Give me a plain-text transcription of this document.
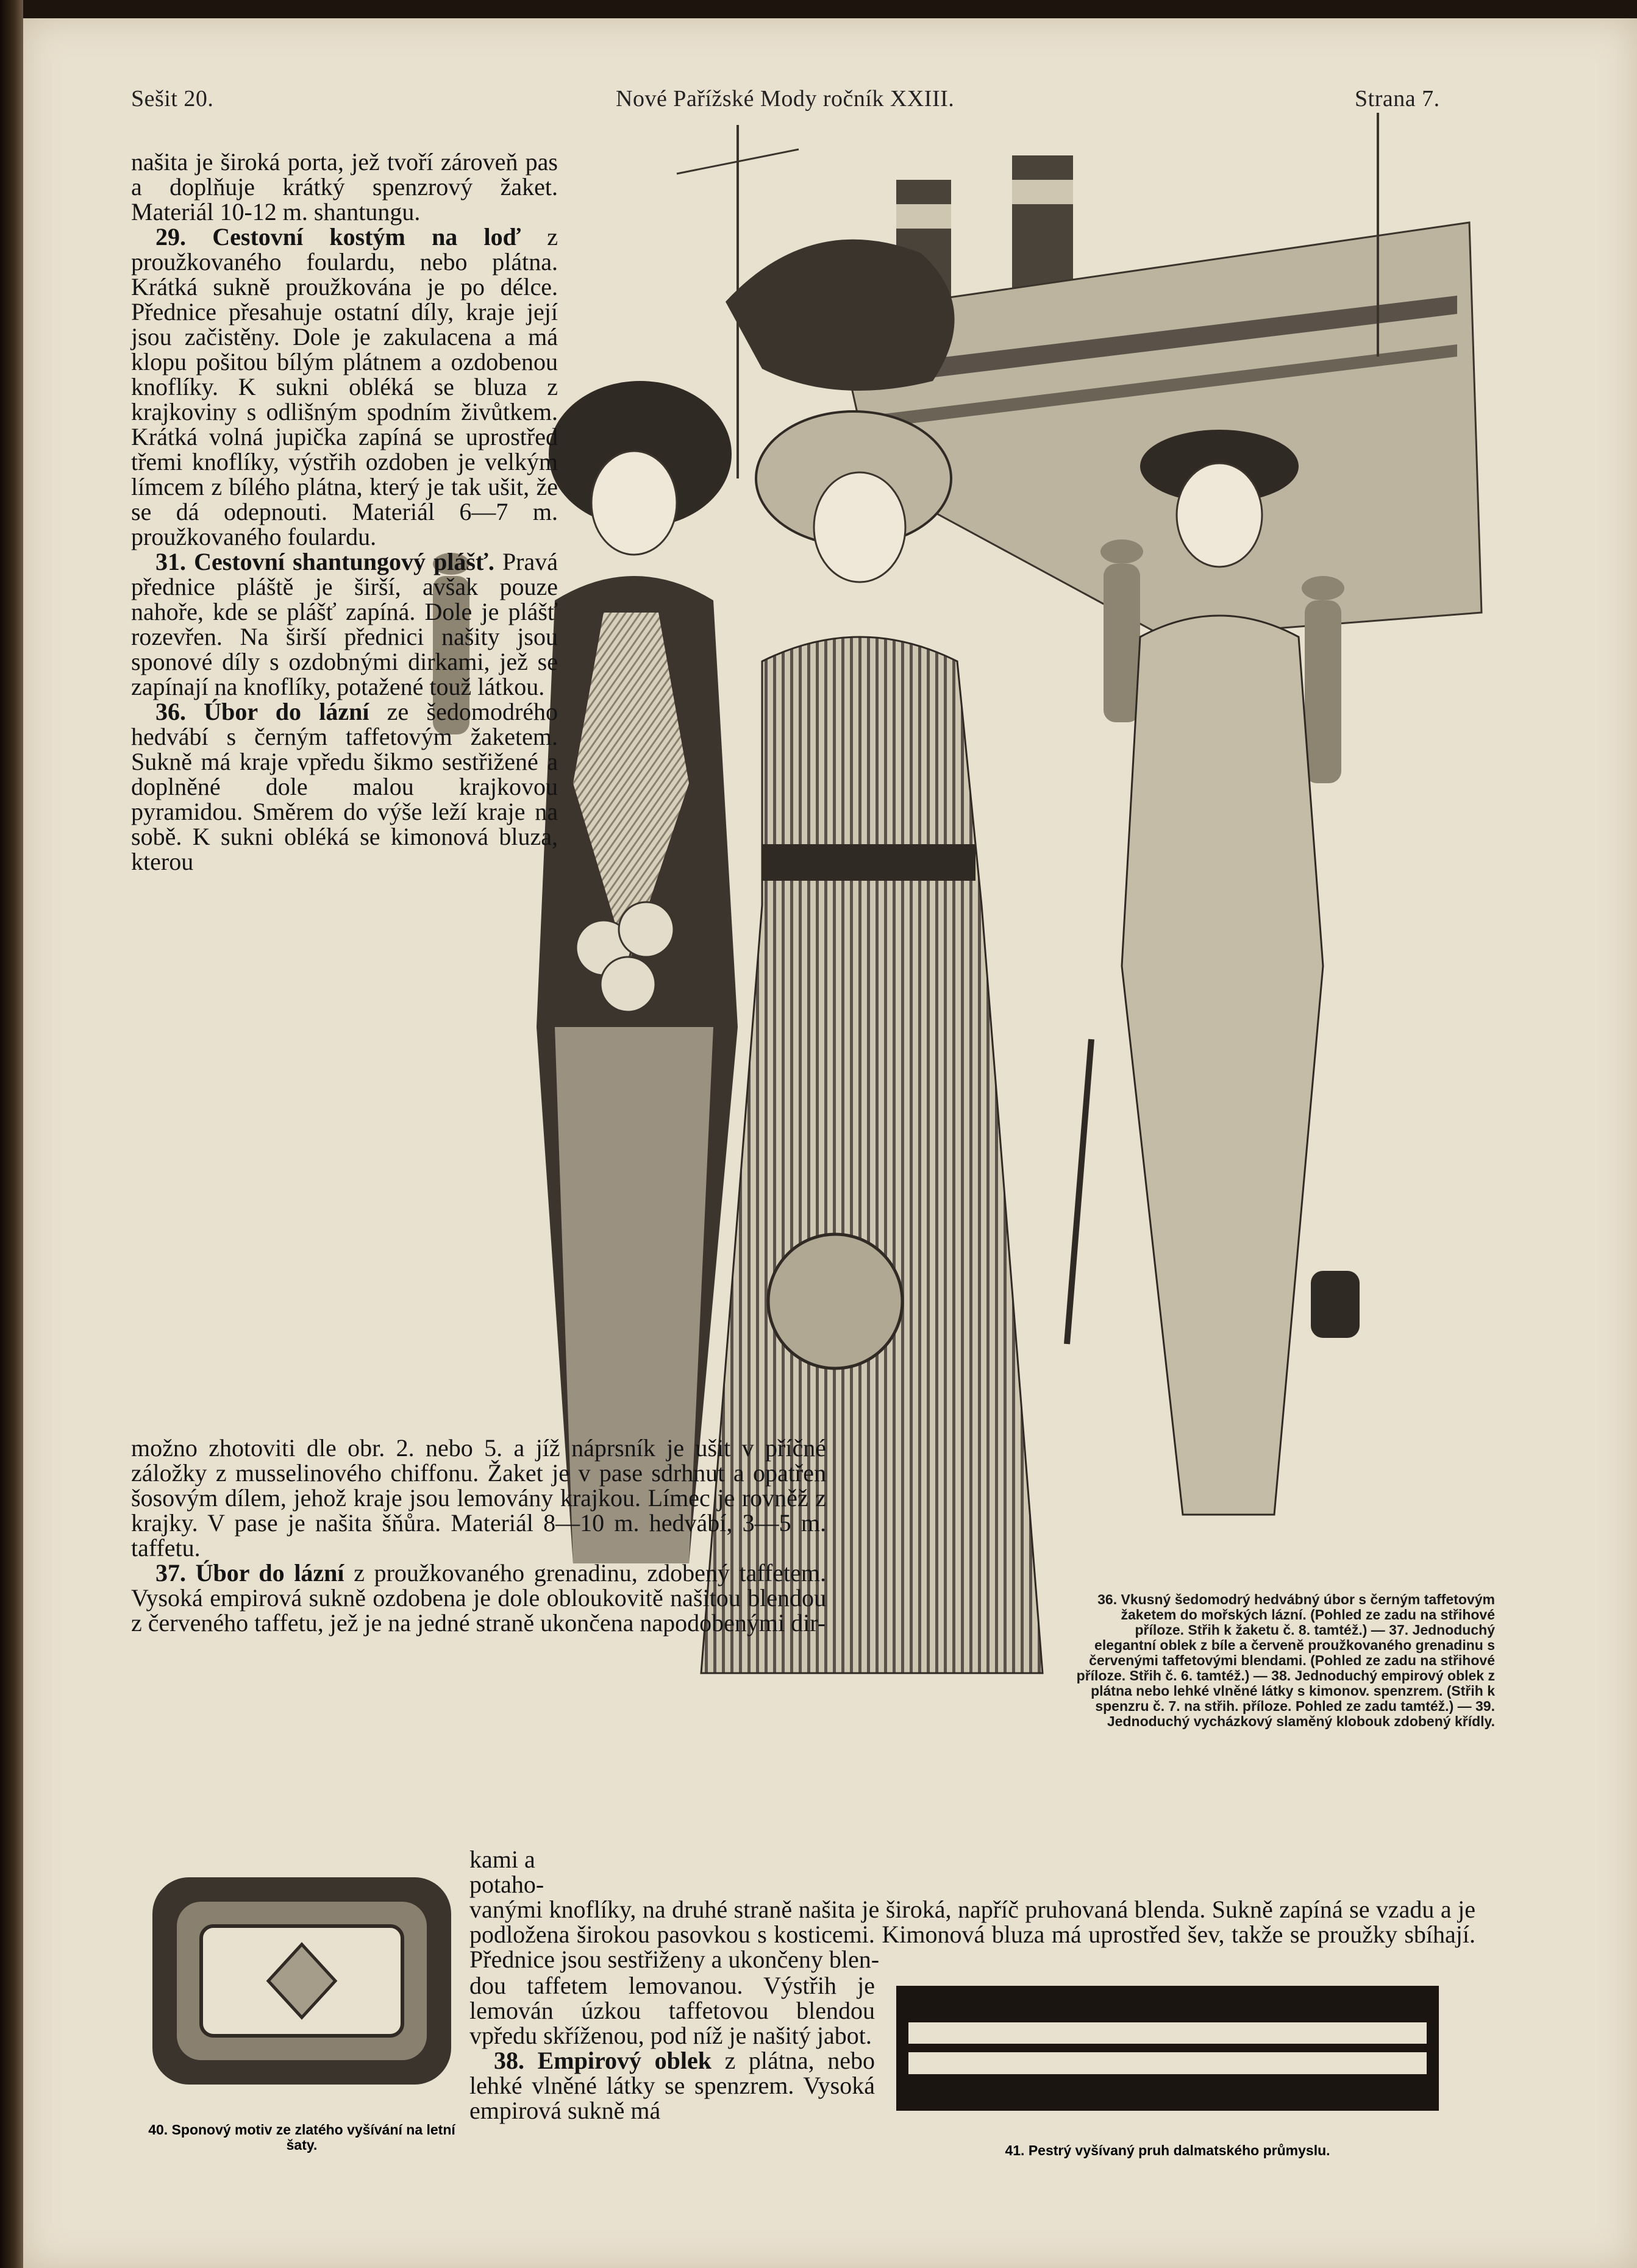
Sešit 20.	Nové Pařížské Mody ročník XXIII.	Strana 7.

našita je široká porta, jež tvoří zároveň pas a doplňuje krátký spenzrový žaket. Materiál 10-12 m. shantungu.

29. Cestovní kostým na loď z proužkovaného foulardu, nebo plátna. Krátká sukně proužkována je po délce. Přednice přesahuje ostatní díly, kraje její jsou začistěny. Dole je zakulacena a má klopu pošitou bílým plátnem a ozdobenou knoflíky. K sukni obléká se bluza z krajkoviny s odlišným spodním živůtkem. Krátká volná jupička zapíná se uprostřed třemi knoflíky, výstřih ozdoben je velkým límcem z bílého plátna, který je tak ušit, že se dá odepnouti. Materiál 6—7 m. proužkovaného foulardu.

31. Cestovní shantungový plášť. Pravá přednice pláště je širší, avšak pouze nahoře, kde se plášť zapíná. Dole je plášť rozevřen. Na širší přednici našity jsou sponové díly s ozdobnými dirkami, jež se zapínají na knoflíky, potažené touž látkou.

36. Úbor do lázní ze šedomodrého hedvábí s černým taffetovým žaketem. Sukně má kraje vpředu šikmo sestřižené a doplněné dole malou krajkovou pyramidou. Směrem do výše leží kraje na sobě. K sukni obléká se kimonová bluza, kterou

možno zhotoviti dle obr. 2. nebo 5. a jíž náprsník je ušit v příčné záložky z musselinového chiffonu. Žaket je v pase sdrhnut a opatřen šosovým dílem, jehož kraje jsou lemovány krajkou. Límec je rovněž z krajky. V pase je našita šňůra. Materiál 8—10 m. hedvábí, 3—5 m. taffetu.

37. Úbor do lázní z proužkovaného grenadinu, zdobený taffetem. Vysoká empirová sukně ozdobena je dole obloukovitě našitou blendou z červeného taffetu, jež je na jedné straně ukončena napodobenými dir-

kami a potaho-

vanými knoflíky, na druhé straně našita je široká, napříč pruhovaná blenda. Sukně zapíná se vzadu a je podložena širokou pasovkou s kosticemi. Kimonová bluza má uprostřed šev, takže se proužky sbíhají. Přednice jsou sestřiženy a ukončeny blen-

dou taffetem lemovanou. Výstřih je lemován úzkou taffetovou blendou vpředu skříženou, pod níž je našitý jabot.

38. Empirový oblek z plátna, nebo lehké vlněné látky se spenzrem. Vysoká empirová sukně má

36. Vkusný šedomodrý hedvábný úbor s černým taffetovým žaketem do mořských lázní. (Pohled ze zadu na střihové příloze. Střih k žaketu č. 8. tamtéž.) — 37. Jednoduchý elegantní oblek z bíle a červeně proužkovaného grenadinu s červenými taffetovými blendami. (Pohled ze zadu na střihové příloze. Střih č. 6. tamtéž.) — 38. Jednoduchý empirový oblek z plátna nebo lehké vlněné látky s kimonov. spenzrem. (Střih k spenzru č. 7. na střih. příloze. Pohled ze zadu tamtéž.) — 39. Jednoduchý vycházkový slaměný klobouk zdobený křídly.
40. Sponový motiv ze zlatého vyšívání na letní šaty.	41. Pestrý vyšívaný pruh dalmatského průmyslu.
